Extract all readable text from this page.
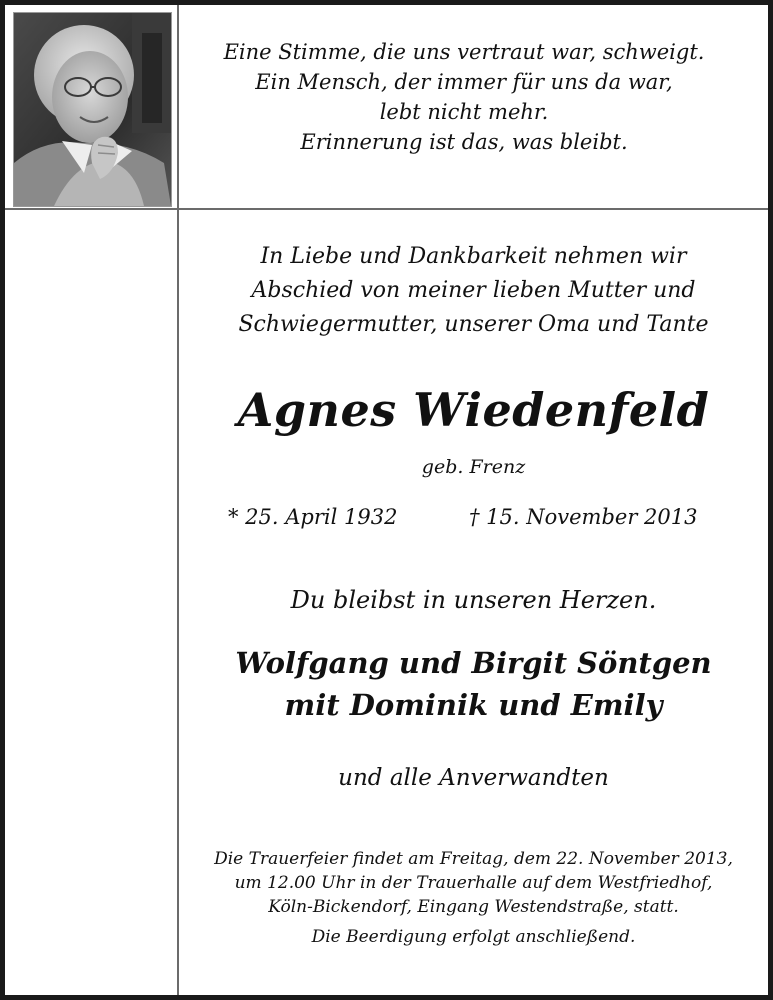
Eine Stimme, die uns vertraut war, schweigt.
Ein Mensch, der immer für uns da war,
lebt nicht mehr.
Erinnerung ist das, was bleibt.
In Liebe und Dankbarkeit nehmen wir
Abschied von meiner lieben Mutter und
Schwiegermutter, unserer Oma und Tante
Agnes Wiedenfeld
geb. Frenz
* 25. April 1932	† 15. November 2013
Du bleibst in unseren Herzen.
Wolfgang und Birgit Söntgen
mit Dominik und Emily
und alle Anverwandten
Die Trauerfeier findet am Freitag, dem 22. November 2013,
um 12.00 Uhr in der Trauerhalle auf dem Westfriedhof,
Köln-Bickendorf, Eingang Westendstraße, statt.
Die Beerdigung erfolgt anschließend.
